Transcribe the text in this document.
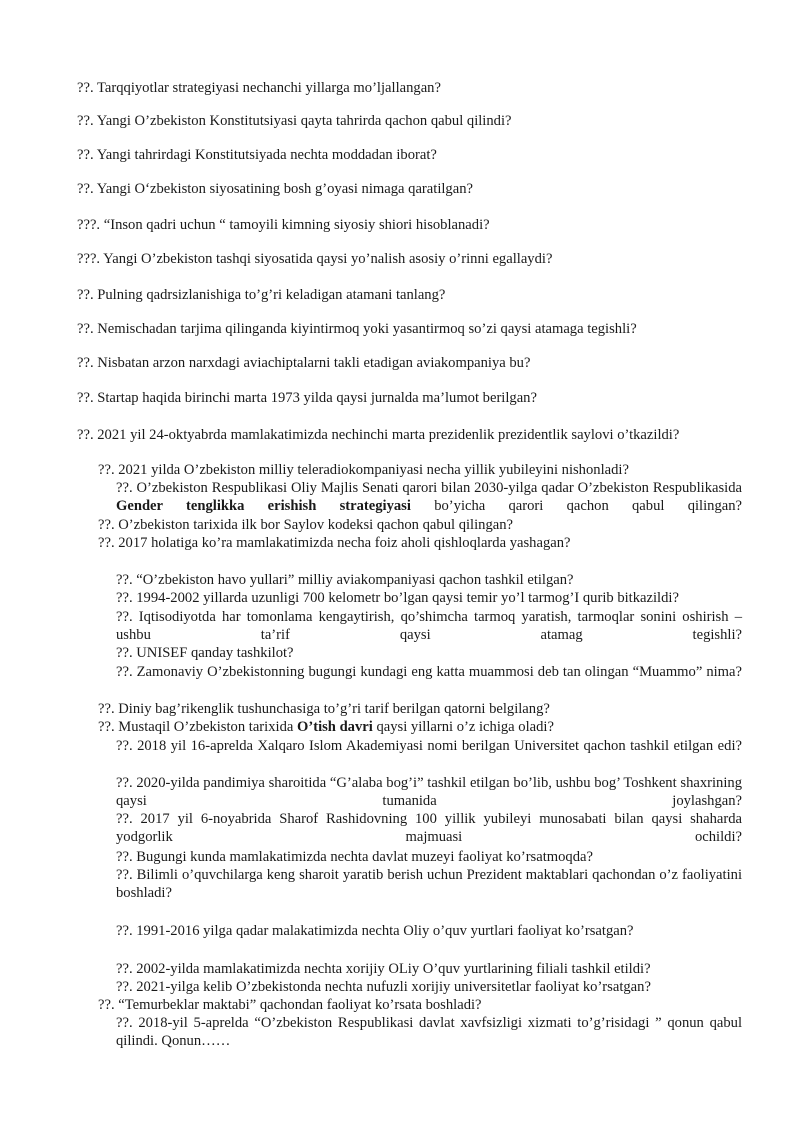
??. Tarqqiyotlar strategiyasi nechanchi yillarga mo’ljallangan?
??. Yangi O’zbekiston Konstitutsiyasi qayta tahrirda qachon qabul qilindi?
??. Yangi tahrirdagi Konstitutsiyada nechta moddadan iborat?
??. Yangi O‘zbekiston siyosatining bosh g’oyasi nimaga qaratilgan?
???. “Inson qadri uchun “ tamoyili kimning siyosiy shiori hisoblanadi?
???. Yangi O’zbekiston tashqi siyosatida qaysi yo’nalish asosiy o’rinni egallaydi?
??. Pulning qadrsizlanishiga to’g’ri keladigan atamani tanlang?
??. Nemischadan tarjima qilinganda kiyintirmoq yoki yasantirmoq so’zi qaysi atamaga tegishli?
??. Nisbatan arzon narxdagi aviachiptalarni takli etadigan aviakompaniya bu?
??. Startap haqida birinchi marta 1973 yilda qaysi jurnalda ma’lumot berilgan?
??. 2021 yil 24-oktyabrda mamlakatimizda nechinchi marta prezidenlik prezidentlik saylovi o’tkazildi?
??. 2021 yilda O’zbekiston milliy teleradiokompaniyasi necha yillik yubileyini nishonladi?
??. O’zbekiston Respublikasi Oliy Majlis Senati qarori bilan 2030-yilga qadar O’zbekiston Respublikasida Gender tenglikka erishish strategiyasi bo’yicha qarori qachon qabul qilingan?
??. O’zbekiston tarixida ilk bor Saylov kodeksi qachon qabul qilingan?
??. 2017 holatiga ko’ra mamlakatimizda necha foiz aholi qishloqlarda yashagan?
??. “O’zbekiston havo yullari” milliy aviakompaniyasi qachon tashkil etilgan?
??. 1994-2002 yillarda uzunligi 700 kelometr bo’lgan qaysi temir yo’l tarmog’I qurib bitkazildi?
??. Iqtisodiyotda har tomonlama kengaytirish, qo’shimcha tarmoq yaratish, tarmoqlar sonini oshirish – ushbu ta’rif qaysi atamag tegishli?
??. UNISEF qanday tashkilot?
??. Zamonaviy O’zbekistonning bugungi kundagi eng katta muammosi deb tan olingan “Muammo” nima?
??. Diniy bag’rikenglik tushunchasiga to’g’ri tarif berilgan qatorni belgilang?
??. Mustaqil O’zbekiston tarixida O’tish davri qaysi yillarni o’z ichiga oladi?
??. 2018 yil 16-aprelda Xalqaro Islom Akademiyasi nomi berilgan Universitet qachon tashkil etilgan edi?
??. 2020-yilda pandimiya sharoitida “G’alaba bog’i” tashkil etilgan bo’lib, ushbu bog’ Toshkent shaxrining qaysi tumanida joylashgan?
??. 2017 yil 6-noyabrida Sharof Rashidovning 100 yillik yubileyi munosabati bilan qaysi shaharda yodgorlik majmuasi ochildi?
??. Bugungi kunda mamlakatimizda nechta davlat muzeyi faoliyat ko’rsatmoqda?
??. Bilimli o’quvchilarga keng sharoit yaratib berish uchun Prezident maktablari qachondan o’z faoliyatini boshladi?
??. 1991-2016 yilga qadar malakatimizda nechta Oliy o’quv yurtlari faoliyat ko’rsatgan?
??. 2002-yilda mamlakatimizda nechta xorijiy OLiy O’quv yurtlarining filiali tashkil etildi?
??. 2021-yilga kelib O’zbekistonda nechta nufuzli xorijiy universitetlar faoliyat ko’rsatgan?
??. “Temurbeklar maktabi” qachondan faoliyat ko’rsata boshladi?
??. 2018-yil 5-aprelda “O’zbekiston Respublikasi davlat xavfsizligi xizmati to’g’risidagi ” qonun qabul qilindi. Qonun……
